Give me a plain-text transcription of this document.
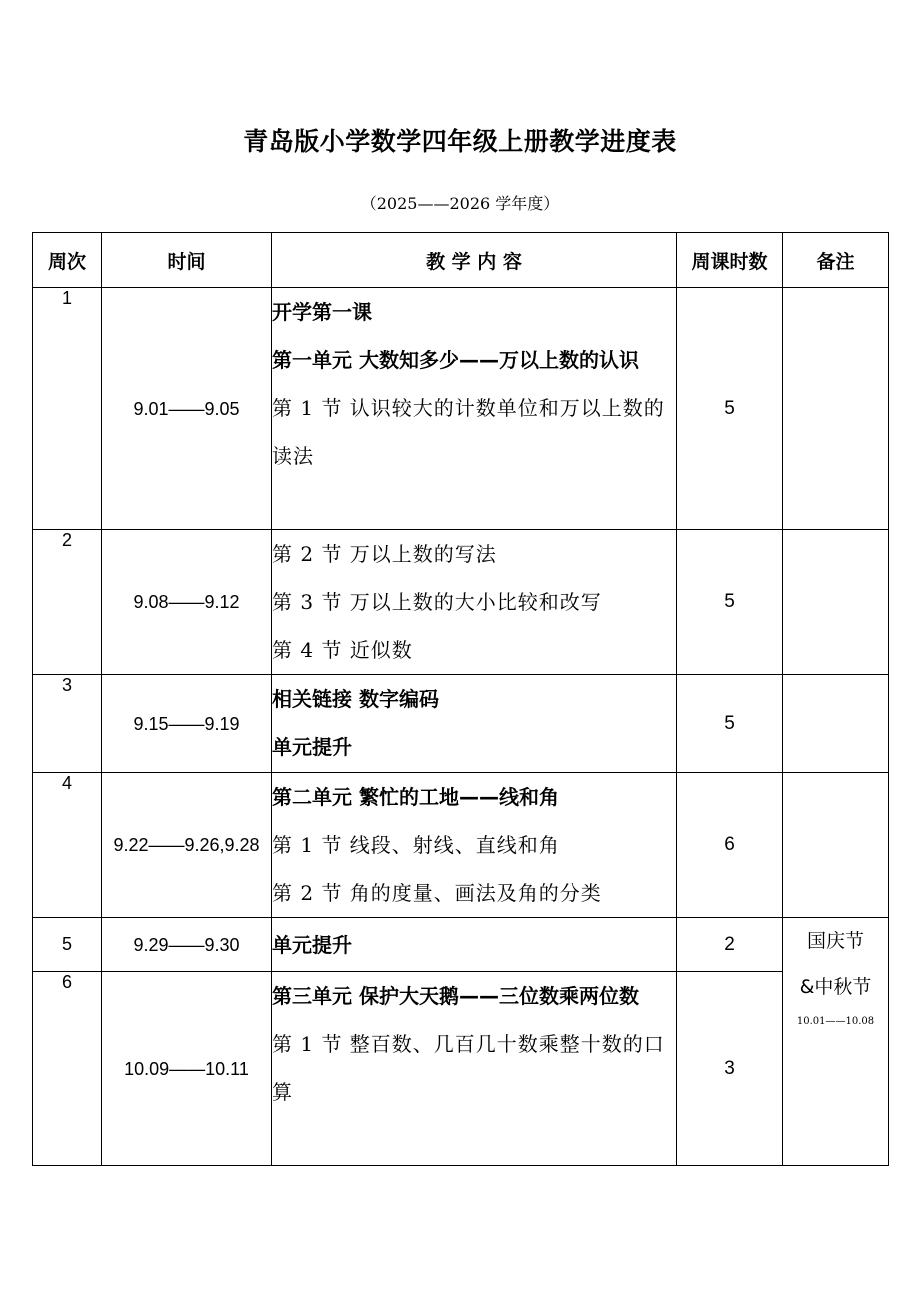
青岛版小学数学四年级上册教学进度表
（2025——2026 学年度）
周次	时间	教 学 内 容	周课时数	备注
1	9.01——9.05	开学第一课
第一单元 大数知多少——万以上数的认识
第 1 节 认识较大的计数单位和万以上数的读法	5	
2	9.08——9.12	第 2 节 万以上数的写法
第 3 节 万以上数的大小比较和改写
第 4 节 近似数	5	
3	9.15——9.19	相关链接 数字编码
单元提升	5	
4	9.22——9.26,9.28	第二单元 繁忙的工地——线和角
第 1 节 线段、射线、直线和角
第 2 节 角的度量、画法及角的分类	6	
5	9.29——9.30	单元提升	2	国庆节
&中秋节
10.01——10.08

6	10.09——10.11	第三单元 保护大天鹅——三位数乘两位数
第 1 节 整百数、几百几十数乘整十数的口算	3	
